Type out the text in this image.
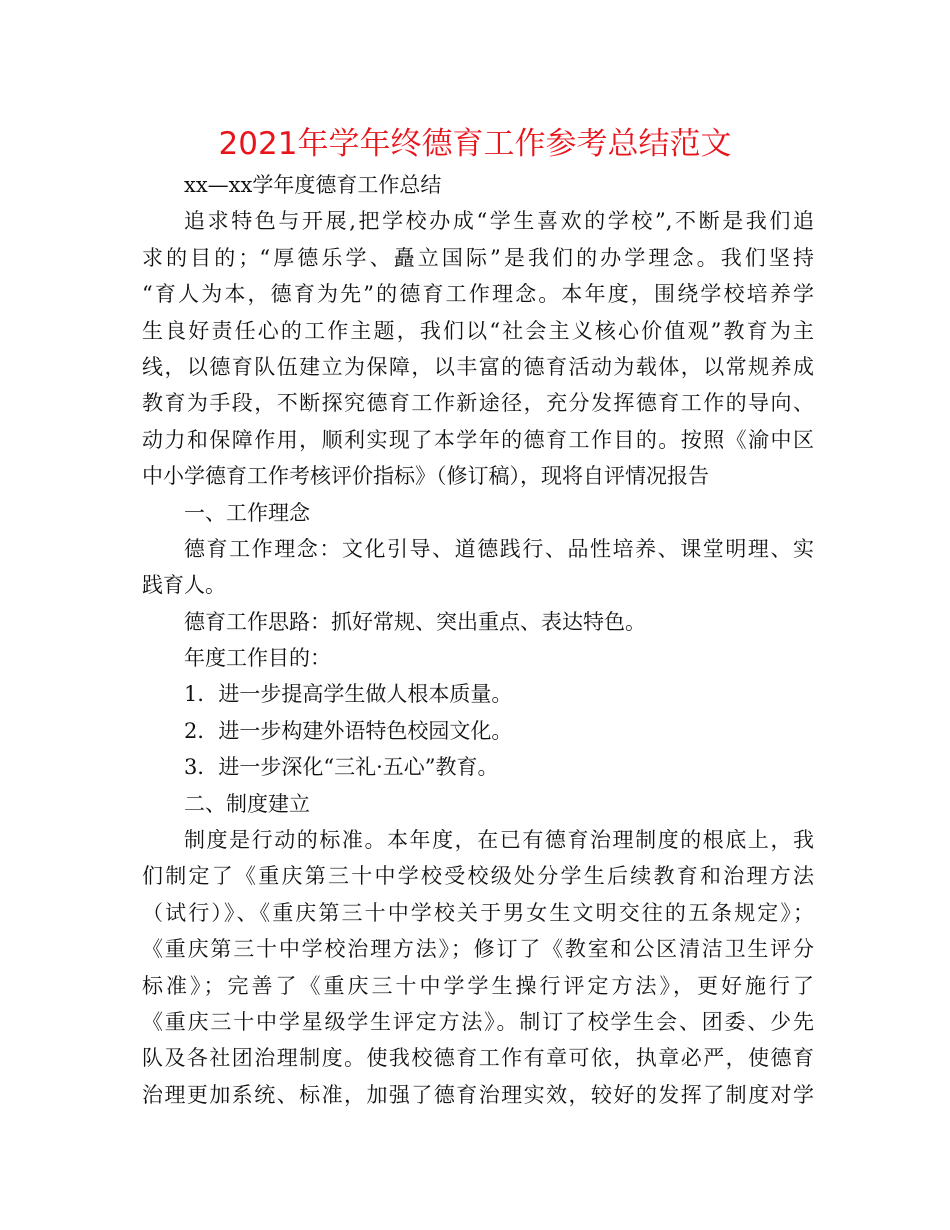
2021年学年终德育工作参考总结范文
xx—xx学年度德育工作总结
追求特色与开展,把学校办成“学生喜欢的学校”,不断是我们追
求的目的；“厚德乐学、矗立国际”是我们的办学理念。我们坚持
“育人为本，德育为先”的德育工作理念。本年度，围绕学校培养学
生良好责任心的工作主题，我们以“社会主义核心价值观”教育为主
线，以德育队伍建立为保障，以丰富的德育活动为载体，以常规养成
教育为手段，不断探究德育工作新途径，充分发挥德育工作的导向、
动力和保障作用，顺利实现了本学年的德育工作目的。按照《渝中区
中小学德育工作考核评价指标》（修订稿），现将自评情况报告
一、工作理念
德育工作理念：文化引导、道德践行、品性培养、课堂明理、实
践育人。
德育工作思路：抓好常规、突出重点、表达特色。
年度工作目的：
1．进一步提高学生做人根本质量。
2．进一步构建外语特色校园文化。
3．进一步深化“三礼·五心”教育。
二、制度建立
制度是行动的标准。本年度，在已有德育治理制度的根底上，我
们制定了《重庆第三十中学校受校级处分学生后续教育和治理方法
（试行）》、《重庆第三十中学校关于男女生文明交往的五条规定》；
《重庆第三十中学校治理方法》；修订了《教室和公区清洁卫生评分
标准》；完善了《重庆三十中学学生操行评定方法》，更好施行了
《重庆三十中学星级学生评定方法》。制订了校学生会、团委、少先
队及各社团治理制度。使我校德育工作有章可依，执章必严，使德育
治理更加系统、标准，加强了德育治理实效，较好的发挥了制度对学
